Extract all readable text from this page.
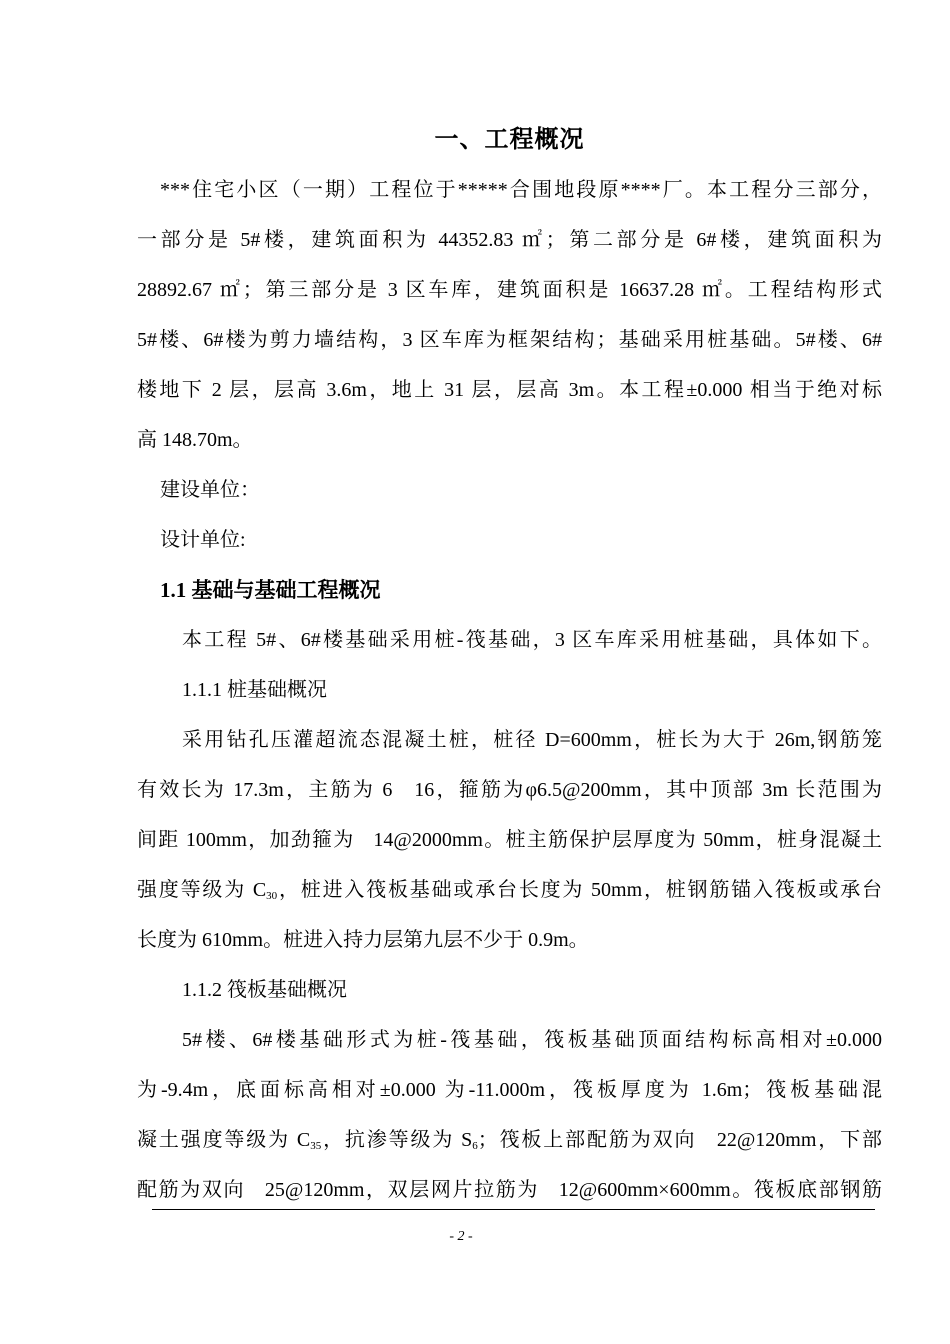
一、工程概况
***住宅小区（一期）工程位于*****合围地段原****厂。本工程分三部分，
一部分是 5#楼，建筑面积为 44352.83 ㎡；第二部分是 6#楼，建筑面积为
28892.67 ㎡；第三部分是 3 区车库，建筑面积是 16637.28 ㎡。工程结构形式
5#楼、6#楼为剪力墙结构，3 区车库为框架结构；基础采用桩基础。5#楼、6#
楼地下 2 层，层高 3.6m，地上 31 层，层高 3m。本工程±0.000 相当于绝对标
高 148.70m。
建设单位：
设计单位:
1.1 基础与基础工程概况
本工程 5#、6#楼基础采用桩-筏基础，3 区车库采用桩基础，具体如下。
1.1.1 桩基础概况
采用钻孔压灌超流态混凝土桩，桩径 D=600mm，桩长为大于 26m,钢筋笼
有效长为 17.3m，主筋为 6   16，箍筋为φ6.5@200mm，其中顶部 3m 长范围为
间距 100mm，加劲箍为   14@2000mm。桩主筋保护层厚度为 50mm，桩身混凝土
强度等级为 $C_{30}$，桩进入筏板基础或承台长度为 50mm，桩钢筋锚入筏板或承台
长度为 610mm。桩进入持力层第九层不少于 0.9m。
1.1.2 筏板基础概况
5#楼、6#楼基础形式为桩-筏基础，筏板基础顶面结构标高相对±0.000
为-9.4m，底面标高相对±0.000 为-11.000m，筏板厚度为 1.6m；筏板基础混
凝土强度等级为 $C_{35}$，抗渗等级为 $S_6$；筏板上部配筋为双向   22@120mm，下部
配筋为双向   25@120mm，双层网片拉筋为   12@600mm×600mm。筏板底部钢筋
- 2 -
